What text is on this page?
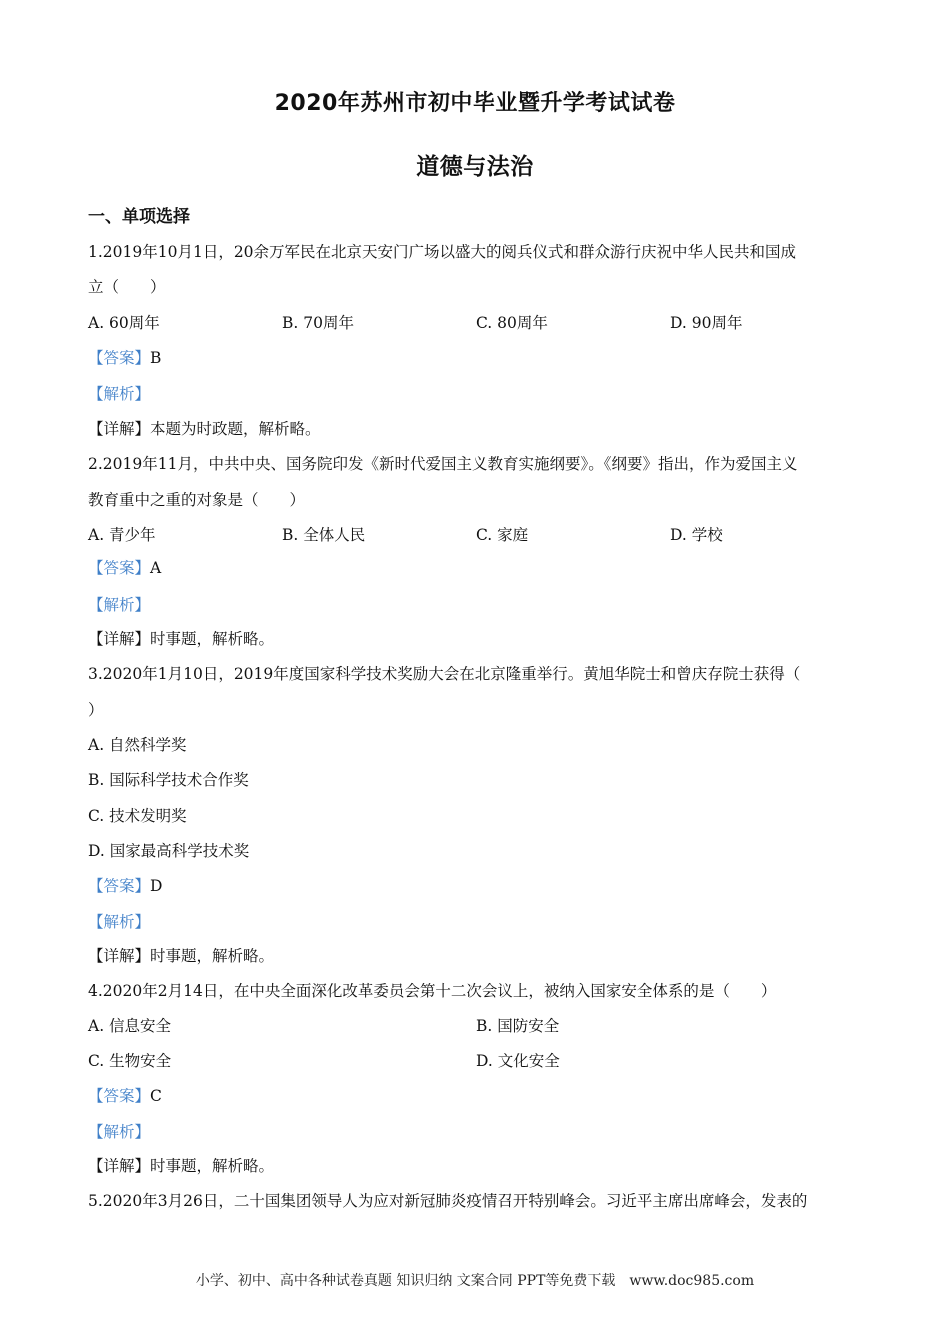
2020年苏州市初中毕业暨升学考试试卷
道德与法治
一、单项选择
1.2019年10月1日，20余万军民在北京天安门广场以盛大的阅兵仪式和群众游行庆祝中华人民共和国成
立（　　）
A. 60周年	B. 70周年	C. 80周年	D. 90周年
【答案】B
【解析】
【详解】本题为时政题，解析略。
2.2019年11月，中共中央、国务院印发《新时代爱国主义教育实施纲要》。《纲要》指出，作为爱国主义
教育重中之重的对象是（　　）
A. 青少年	B. 全体人民	C. 家庭	D. 学校
【答案】A
【解析】
【详解】时事题，解析略。
3.2020年1月10日，2019年度国家科学技术奖励大会在北京隆重举行。黄旭华院士和曾庆存院士获得（
）
A. 自然科学奖
B. 国际科学技术合作奖
C. 技术发明奖
D. 国家最高科学技术奖
【答案】D
【解析】
【详解】时事题，解析略。
4.2020年2月14日，在中央全面深化改革委员会第十二次会议上，被纳入国家安全体系的是（　　）
A. 信息安全	B. 国防安全
C. 生物安全	D. 文化安全
【答案】C
【解析】
【详解】时事题，解析略。
5.2020年3月26日，二十国集团领导人为应对新冠肺炎疫情召开特别峰会。习近平主席出席峰会，发表的
小学、初中、高中各种试卷真题 知识归纳 文案合同 PPT等免费下载　www.doc985.com
